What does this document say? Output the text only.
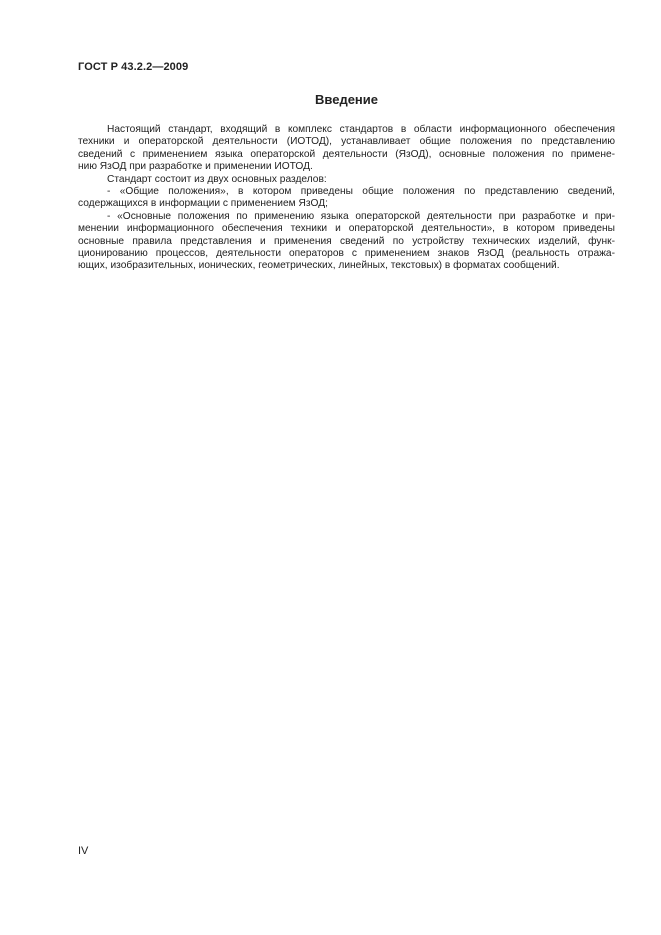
ГОСТ Р 43.2.2—2009
Введение
Настоящий стандарт, входящий в комплекс стандартов в области информационного обеспечения
техники и операторской деятельности (ИОТОД), устанавливает общие положения по представлению
сведений с применением языка операторской деятельности (ЯзОД), основные положения по примене-
нию ЯзОД при разработке и применении ИОТОД.
Стандарт состоит из двух основных разделов:
- «Общие положения», в котором приведены общие положения по представлению сведений,
содержащихся в информации с применением ЯзОД;
- «Основные положения по применению языка операторской деятельности при разработке и при-
менении информационного обеспечения техники и операторской деятельности», в котором приведены
основные правила представления и применения сведений по устройству технических изделий, функ-
ционированию процессов, деятельности операторов с применением знаков ЯзОД (реальность отража-
ющих, изобразительных, ионических, геометрических, линейных, текстовых) в форматах сообщений.
IV
